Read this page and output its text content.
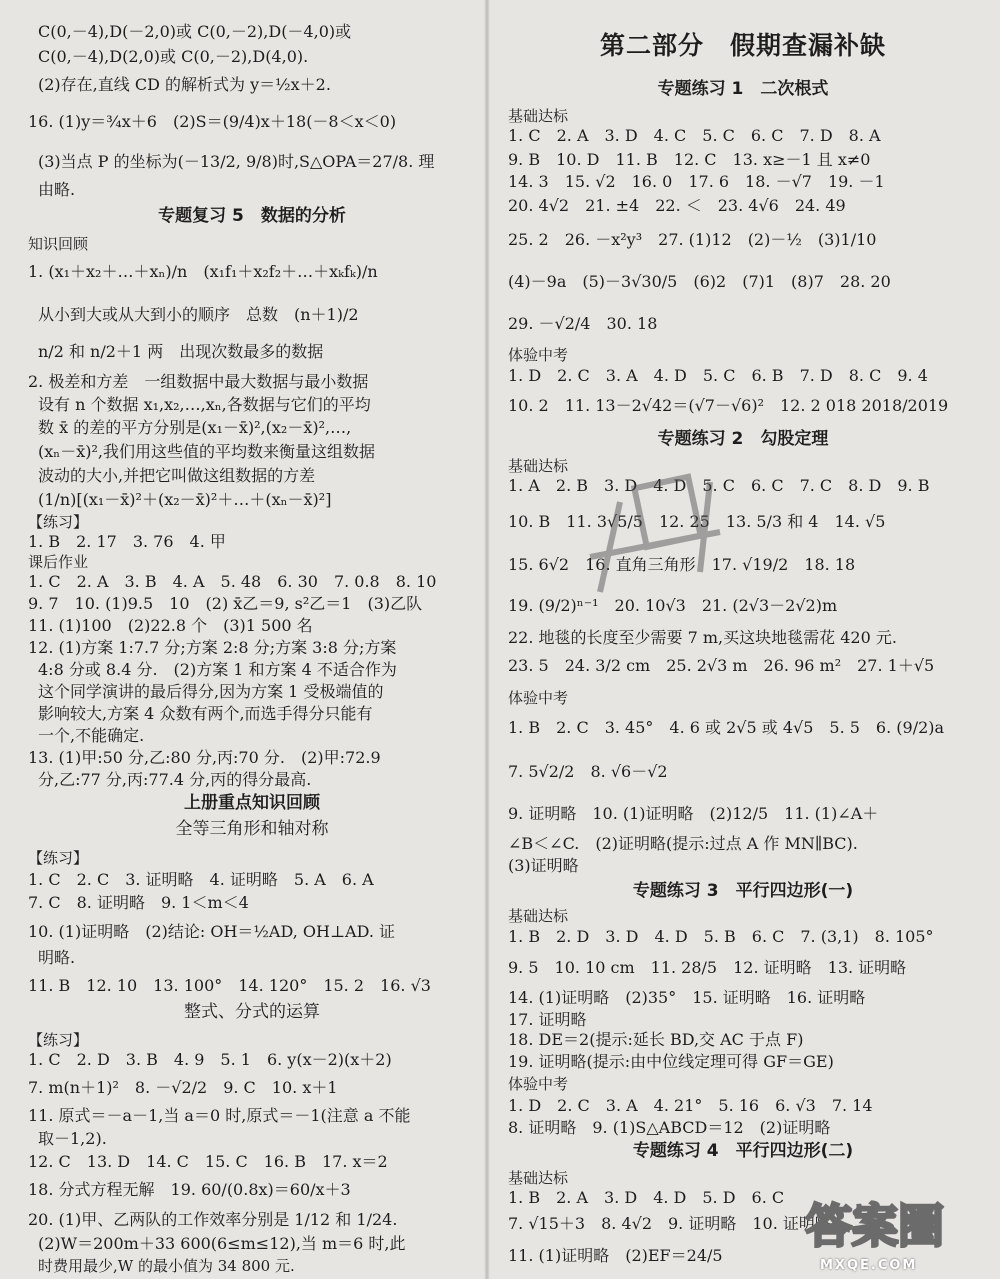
C(0,－4),D(－2,0)或 C(0,－2),D(－4,0)或
C(0,－4),D(2,0)或 C(0,－2),D(4,0).
(2)存在,直线 CD 的解析式为 y＝½x＋2.
16. (1)y＝¾x＋6　(2)S＝(9/4)x＋18(－8＜x＜0)
(3)当点 P 的坐标为(－13/2, 9/8)时,S△OPA＝27/8. 理
由略.
专题复习 5　数据的分析
知识回顾
1. (x₁＋x₂＋…＋xₙ)/n　(x₁f₁＋x₂f₂＋…＋xₖfₖ)/n
从小到大或从大到小的顺序　总数　(n＋1)/2
n/2 和 n/2＋1 两　出现次数最多的数据
2. 极差和方差　一组数据中最大数据与最小数据
设有 n 个数据 x₁,x₂,…,xₙ,各数据与它们的平均
数 x̄ 的差的平方分别是(x₁－x̄)²,(x₂－x̄)²,…,
(xₙ－x̄)²,我们用这些值的平均数来衡量这组数据
波动的大小,并把它叫做这组数据的方差
(1/n)[(x₁－x̄)²＋(x₂－x̄)²＋…＋(xₙ－x̄)²]
【练习】
1. B　2. 17　3. 76　4. 甲
课后作业
1. C　2. A　3. B　4. A　5. 48　6. 30　7. 0.8　8. 10
9. 7　10. (1)9.5　10　(2) x̄乙＝9, s²乙＝1　(3)乙队
11. (1)100　(2)22.8 个　(3)1 500 名
12. (1)方案 1:7.7 分;方案 2:8 分;方案 3:8 分;方案
4:8 分或 8.4 分.　(2)方案 1 和方案 4 不适合作为
这个同学演讲的最后得分,因为方案 1 受极端值的
影响较大,方案 4 众数有两个,而选手得分只能有
一个,不能确定.
13. (1)甲:50 分,乙:80 分,丙:70 分.　(2)甲:72.9
分,乙:77 分,丙:77.4 分,丙的得分最高.
上册重点知识回顾
全等三角形和轴对称
【练习】
1. C　2. C　3. 证明略　4. 证明略　5. A　6. A
7. C　8. 证明略　9. 1＜m＜4
10. (1)证明略　(2)结论: OH＝½AD, OH⊥AD. 证
明略.
11. B　12. 10　13. 100°　14. 120°　15. 2　16. √3
整式、分式的运算
【练习】
1. C　2. D　3. B　4. 9　5. 1　6. y(x－2)(x＋2)
7. m(n＋1)²　8. －√2/2　9. C　10. x＋1
11. 原式＝－a－1,当 a＝0 时,原式＝－1(注意 a 不能
取－1,2).
12. C　13. D　14. C　15. C　16. B　17. x＝2
18. 分式方程无解　19. 60/(0.8x)＝60/x＋3
20. (1)甲、乙两队的工作效率分别是 1/12 和 1/24.
(2)W＝200m＋33 600(6≤m≤12),当 m＝6 时,此
时费用最少,W 的最小值为 34 800 元.
第二部分　假期查漏补缺
专题练习 1　二次根式
基础达标
1. C　2. A　3. D　4. C　5. C　6. C　7. D　8. A
9. B　10. D　11. B　12. C　13. x≥－1 且 x≠0
14. 3　15. √2　16. 0　17. 6　18. －√7　19. －1
20. 4√2　21. ±4　22. ＜　23. 4√6　24. 49
25. 2　26. －x²y³　27. (1)12　(2)－½　(3)1/10
(4)－9a　(5)－3√30/5　(6)2　(7)1　(8)7　28. 20
29. －√2/4　30. 18
体验中考
1. D　2. C　3. A　4. D　5. C　6. B　7. D　8. C　9. 4
10. 2　11. 13－2√42＝(√7－√6)²　12. 2 018 2018/2019
专题练习 2　勾股定理
基础达标
1. A　2. B　3. D　4. D　5. C　6. C　7. C　8. D　9. B
10. B　11. 3√5/5　12. 25　13. 5/3 和 4　14. √5
15. 6√2　16. 直角三角形　17. √19/2　18. 18
19. (9/2)ⁿ⁻¹　20. 10√3　21. (2√3－2√2)m
22. 地毯的长度至少需要 7 m,买这块地毯需花 420 元.
23. 5　24. 3/2 cm　25. 2√3 m　26. 96 m²　27. 1＋√5
体验中考
1. B　2. C　3. 45°　4. 6 或 2√5 或 4√5　5. 5　6. (9/2)a
7. 5√2/2　8. √6－√2
9. 证明略　10. (1)证明略　(2)12/5　11. (1)∠A＋
∠B＜∠C.　(2)证明略(提示:过点 A 作 MN∥BC).
(3)证明略
专题练习 3　平行四边形(一)
基础达标
1. B　2. D　3. D　4. D　5. B　6. C　7. (3,1)　8. 105°
9. 5　10. 10 cm　11. 28/5　12. 证明略　13. 证明略
14. (1)证明略　(2)35°　15. 证明略　16. 证明略
17. 证明略
18. DE＝2(提示:延长 BD,交 AC 于点 F)
19. 证明略(提示:由中位线定理可得 GF＝GE)
体验中考
1. D　2. C　3. A　4. 21°　5. 16　6. √3　7. 14
8. 证明略　9. (1)S△ABCD＝12　(2)证明略
专题练习 4　平行四边形(二)
基础达标
1. B　2. A　3. D　4. D　5. D　6. C
7. √15＋3　8. 4√2　9. 证明略　10. 证明略
11. (1)证明略　(2)EF＝24/5
答案圈
MXQE.COM
